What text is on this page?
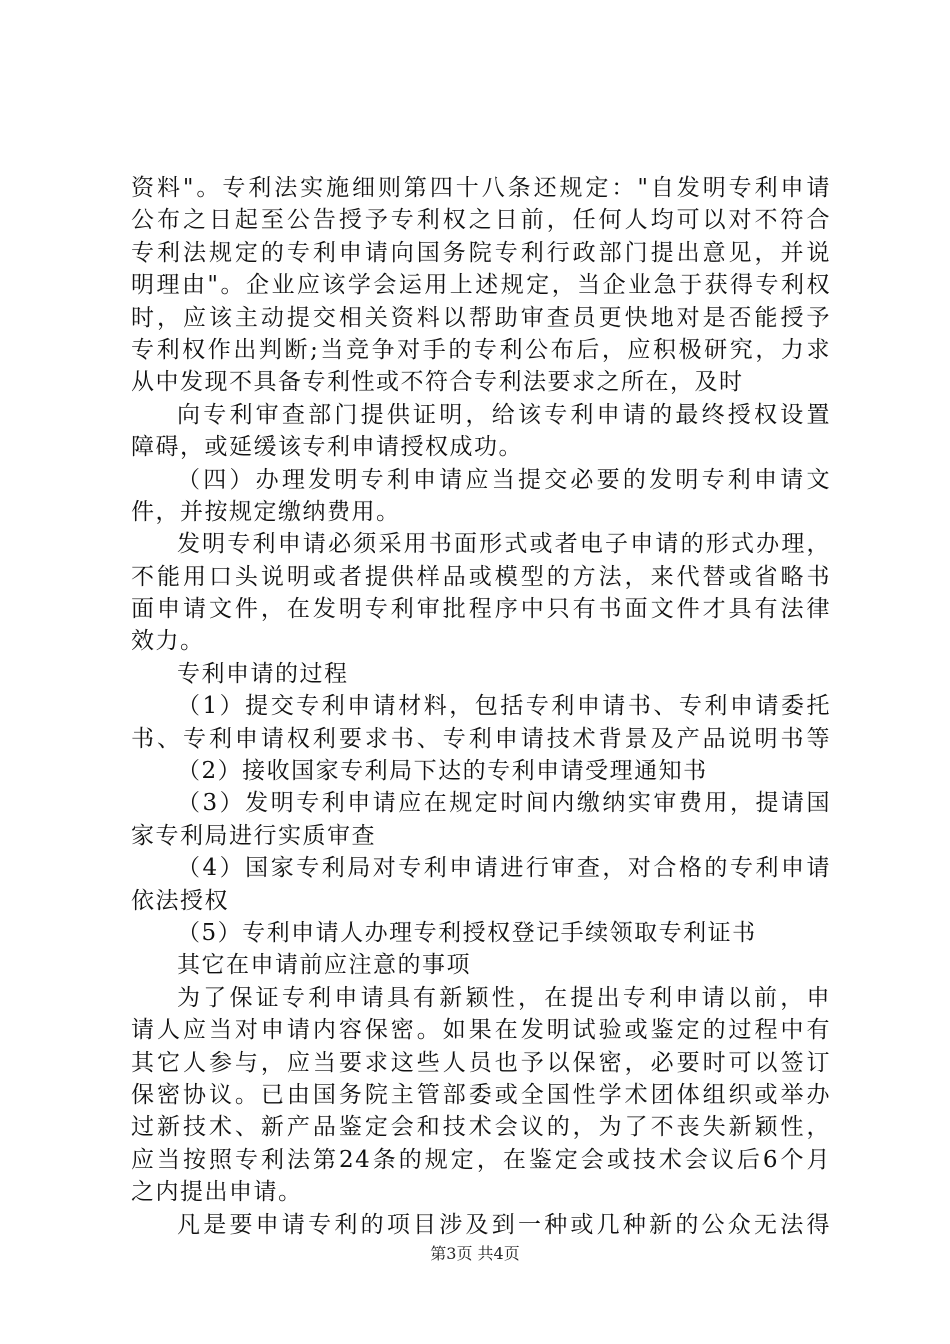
资料"。专利法实施细则第四十八条还规定："自发明专利申请
公布之日起至公告授予专利权之日前，任何人均可以对不符合
专利法规定的专利申请向国务院专利行政部门提出意见，并说
明理由"。企业应该学会运用上述规定，当企业急于获得专利权
时，应该主动提交相关资料以帮助审查员更快地对是否能授予
专利权作出判断;当竞争对手的专利公布后，应积极研究，力求
从中发现不具备专利性或不符合专利法要求之所在，及时
向专利审查部门提供证明，给该专利申请的最终授权设置
障碍，或延缓该专利申请授权成功。
（四）办理发明专利申请应当提交必要的发明专利申请文
件，并按规定缴纳费用。
发明专利申请必须采用书面形式或者电子申请的形式办理，
不能用口头说明或者提供样品或模型的方法，来代替或省略书
面申请文件，在发明专利审批程序中只有书面文件才具有法律
效力。
专利申请的过程
（1）提交专利申请材料，包括专利申请书、专利申请委托
书、专利申请权利要求书、专利申请技术背景及产品说明书等
（2）接收国家专利局下达的专利申请受理通知书
（3）发明专利申请应在规定时间内缴纳实审费用，提请国
家专利局进行实质审查
（4）国家专利局对专利申请进行审查，对合格的专利申请
依法授权
（5）专利申请人办理专利授权登记手续领取专利证书
其它在申请前应注意的事项
为了保证专利申请具有新颖性，在提出专利申请以前，申
请人应当对申请内容保密。如果在发明试验或鉴定的过程中有
其它人参与，应当要求这些人员也予以保密，必要时可以签订
保密协议。已由国务院主管部委或全国性学术团体组织或举办
过新技术、新产品鉴定会和技术会议的，为了不丧失新颖性，
应当按照专利法第24条的规定，在鉴定会或技术会议后6个月
之内提出申请。
凡是要申请专利的项目涉及到一种或几种新的公众无法得
第3页 共4页
